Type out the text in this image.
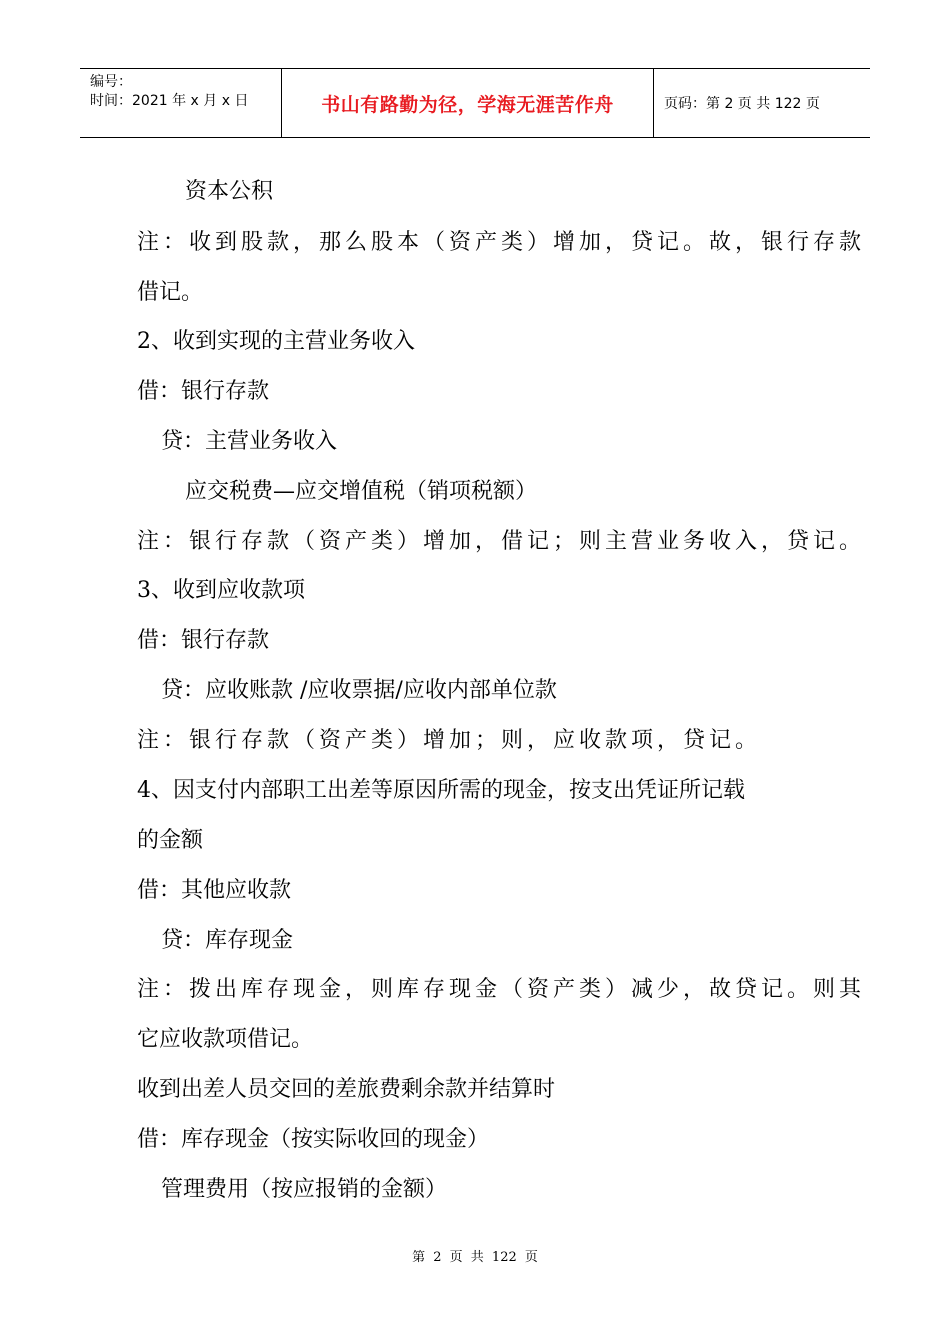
编号：
时间：2021 年 x 月 x 日	书山有路勤为径，学海无涯苦作舟	页码：第 2 页 共 122 页
资本公积
注：收到股款，那么股本（资产类）增加，贷记。故，银行存款
借记。
2、收到实现的主营业务收入
借：银行存款
贷：主营业务收入
应交税费—应交增值税（销项税额）
注：银行存款（资产类）增加，借记；则主营业务收入，贷记。
3、收到应收款项
借：银行存款
贷：应收账款 /应收票据/应收内部单位款
注：银行存款（资产类）增加；则，应收款项，贷记。
4、因支付内部职工出差等原因所需的现金，按支出凭证所记载
的金额
借：其他应收款
贷：库存现金
注：拨出库存现金，则库存现金（资产类）减少，故贷记。则其
它应收款项借记。
收到出差人员交回的差旅费剩余款并结算时
借：库存现金（按实际收回的现金）
管理费用（按应报销的金额）
第 2 页 共 122 页
